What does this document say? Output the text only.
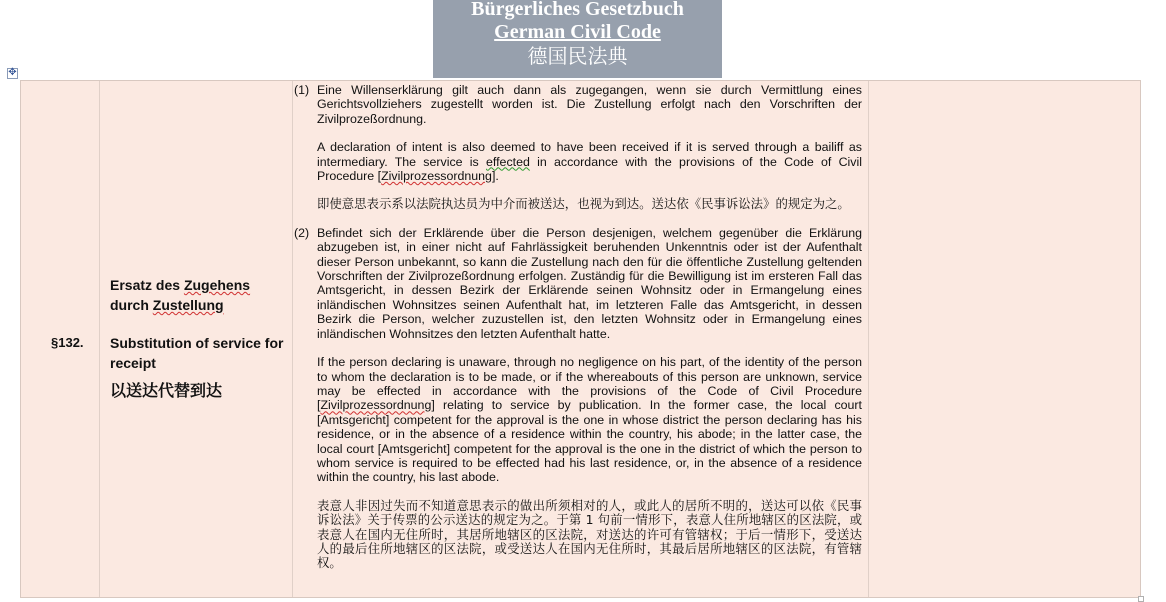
Bürgerliches Gesetzbuch
German Civil Code
德国民法典
✥
§132.
Ersatz des Zugehens
durch Zustellung
Substitution of service for receipt
以送达代替到达
(1) Eine Willenserklärung gilt auch dann als zugegangen, wenn sie durch Vermittlung eines Gerichtsvollziehers zugestellt worden ist. Die Zustellung erfolgt nach den Vorschriften der Zivilprozeßordnung.

A declaration of intent is also deemed to have been received if it is served through a bailiff as intermediary. The service is effected in accordance with the provisions of the Code of Civil Procedure [Zivilprozessordnung].

即使意思表示系以法院执达员为中介而被送达，也视为到达。送达依《民事诉讼法》的规定为之。

(2) Befindet sich der Erklärende über die Person desjenigen, welchem gegenüber die Erklärung abzugeben ist, in einer nicht auf Fahrlässigkeit beruhenden Unkenntnis oder ist der Aufenthalt dieser Person unbekannt, so kann die Zustellung nach den für die öffentliche Zustellung geltenden Vorschriften der Zivilprozeßordnung erfolgen. Zuständig für die Bewilligung ist im ersteren Fall das Amtsgericht, in dessen Bezirk der Erklärende seinen Wohnsitz oder in Ermangelung eines inländischen Wohnsitzes seinen Aufenthalt hat, im letzteren Falle das Amtsgericht, in dessen Bezirk die Person, welcher zuzustellen ist, den letzten Wohnsitz oder in Ermangelung eines inländischen Wohnsitzes den letzten Aufenthalt hatte.

If the person declaring is unaware, through no negligence on his part, of the identity of the person to whom the declaration is to be made, or if the whereabouts of this person are unknown, service may be effected in accordance with the provisions of the Code of Civil Procedure [Zivilprozessordnung] relating to service by publication. In the former case, the local court [Amtsgericht] competent for the approval is the one in whose district the person declaring has his residence, or in the absence of a residence within the country, his abode; in the latter case, the local court [Amtsgericht] competent for the approval is the one in the district of which the person to whom service is required to be effected had his last residence, or, in the absence of a residence within the country, his last abode.

表意人非因过失而不知道意思表示的做出所须相对的人，或此人的居所不明的，送达可以依《民事诉讼法》关于传票的公示送达的规定为之。于第 1 句前一情形下，表意人住所地辖区的区法院，或表意人在国内无住所时，其居所地辖区的区法院，对送达的许可有管辖权；于后一情形下，受送达人的最后住所地辖区的区法院，或受送达人在国内无住所时，其最后居所地辖区的区法院，有管辖权。
